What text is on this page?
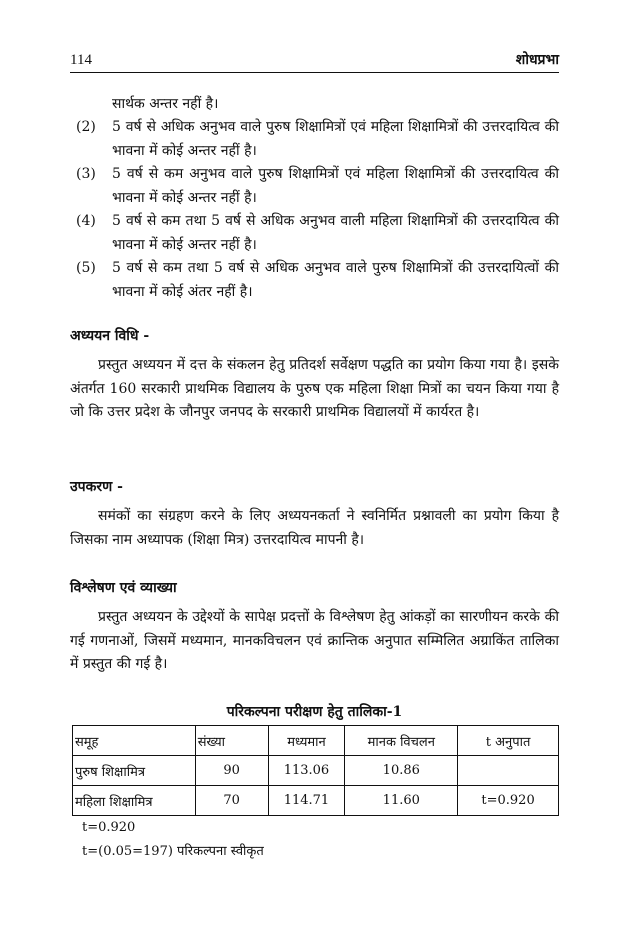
114	शोधप्रभा
सार्थक अन्तर नहीं है।
(2)	5 वर्ष से अधिक अनुभव वाले पुरुष शिक्षामित्रों एवं महिला शिक्षामित्रों की उत्तरदायित्व की भावना में कोई अन्तर नहीं है।
(3)	5 वर्ष से कम अनुभव वाले पुरुष शिक्षामित्रों एवं महिला शिक्षामित्रों की उत्तरदायित्व की भावना में कोई अन्तर नहीं है।
(4)	5 वर्ष से कम तथा 5 वर्ष से अधिक अनुभव वाली महिला शिक्षामित्रों की उत्तरदायित्व की भावना में कोई अन्तर नहीं है।
(5)	5 वर्ष से कम तथा 5 वर्ष से अधिक अनुभव वाले पुरुष शिक्षामित्रों की उत्तरदायित्वों की भावना में कोई अंतर नहीं है।
अध्ययन विधि -
प्रस्तुत अध्ययन में दत्त के संकलन हेतु प्रतिदर्श सर्वेक्षण पद्धति का प्रयोग किया गया है। इसके अंतर्गत 160 सरकारी प्राथमिक विद्यालय के पुरुष एक महिला शिक्षा मित्रों का चयन किया गया है जो कि उत्तर प्रदेश के जौनपुर जनपद के सरकारी प्राथमिक विद्यालयों में कार्यरत है।
उपकरण -
समंकों का संग्रहण करने के लिए अध्ययनकर्ता ने स्वनिर्मित प्रश्नावली का प्रयोग किया है जिसका नाम अध्यापक (शिक्षा मित्र) उत्तरदायित्व मापनी है।
विश्लेषण एवं व्याख्या
प्रस्तुत अध्ययन के उद्देश्यों के सापेक्ष प्रदत्तों के विश्लेषण हेतु आंकड़ों का सारणीयन करके की गई गणनाओं, जिसमें मध्यमान, मानकविचलन एवं क्रान्तिक अनुपात सम्मिलित अग्राकिंत तालिका में प्रस्तुत की गई है।
परिकल्पना परीक्षण हेतु तालिका-1
समूह	संख्या	मध्यमान	मानक विचलन	t अनुपात
पुरुष शिक्षामित्र	90	113.06	10.86	
महिला शिक्षामित्र	70	114.71	11.60	t=0.920
t=0.920
t=(0.05=197) परिकल्पना स्वीकृत
